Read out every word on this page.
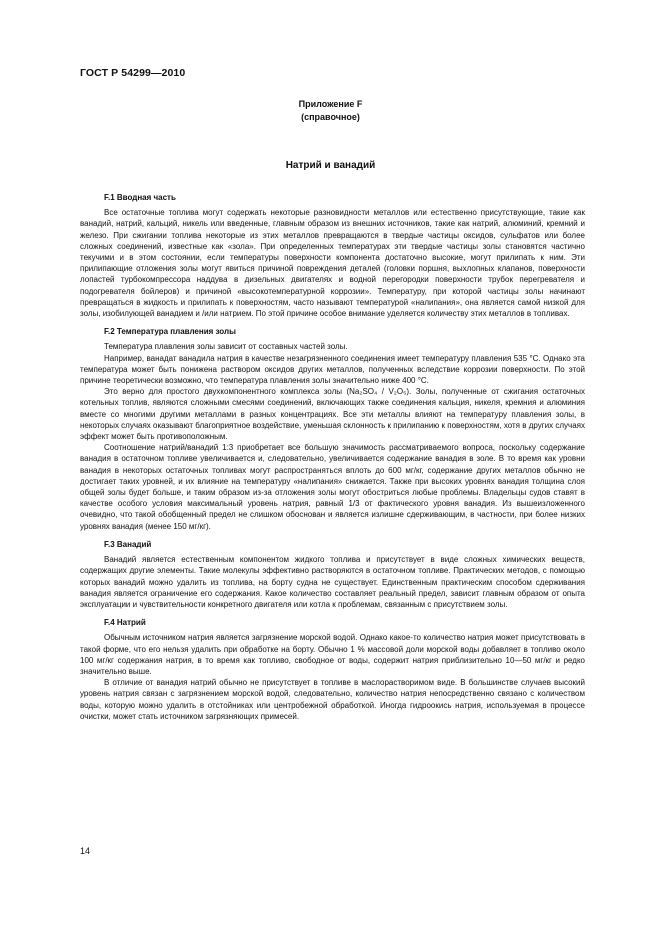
ГОСТ Р 54299—2010
Приложение F
(справочное)
Натрий и ванадий
F.1 Вводная часть

Все остаточные топлива могут содержать некоторые разновидности металлов или естественно присутствующие, такие как ванадий, натрий, кальций, никель или введенные, главным образом из внешних источников, такие как натрий, алюминий, кремний и железо. При сжигании топлива некоторые из этих металлов превращаются в твердые частицы оксидов, сульфатов или более сложных соединений, известные как «зола». При определенных температурах эти твердые частицы золы становятся частично текучими и в этом состоянии, если температуры поверхности компонента достаточно высокие, могут прилипать к ним. Эти прилипающие отложения золы могут явиться причиной повреждения деталей (головки поршня, выхлопных клапанов, поверхности лопастей турбокомпрессора наддува в дизельных двигателях и водной перегородки поверхности трубок перегревателя и подогревателя бойлеров) и причиной «высокотемпературной коррозии». Температуру, при которой частицы золы начинают превращаться в жидкость и прилипать к поверхностям, часто называют температурой «налипания», она является самой низкой для золы, изобилующей ванадием и /или натрием. По этой причине особое внимание уделяется количеству этих металлов в топливах.

F.2 Температура плавления золы

Температура плавления золы зависит от составных частей золы.

Например, ванадат ванадила натрия в качестве незагрязненного соединения имеет температуру плавления 535 °С. Однако эта температура может быть понижена раствором оксидов других металлов, полученных вследствие коррозии поверхности. По этой причине теоретически возможно, что температура плавления золы значительно ниже 400 °С.

Это верно для простого двухкомпонентного комплекса золы (Na₂SO₄ / V₂O₅). Золы, полученные от сжигания остаточных котельных топлив, являются сложными смесями соединений, включающих также соединения кальция, никеля, кремния и алюминия вместе со многими другими металлами в разных концентрациях. Все эти металлы влияют на температуру плавления золы, в некоторых случаях оказывают благоприятное воздействие, уменьшая склонность к прилипанию к поверхностям, хотя в других случаях эффект может быть противоположным.

Соотношение натрий/ванадий 1:3 приобретает все большую значимость рассматриваемого вопроса, поскольку содержание ванадия в остаточном топливе увеличивается и, следовательно, увеличивается содержание ванадия в золе. В то время как уровни ванадия в некоторых остаточных топливах могут распространяться вплоть до 600 мг/кг, содержание других металлов обычно не достигает таких уровней, и их влияние на температуру «налипания» снижается. Также при высоких уровнях ванадия толщина слоя общей золы будет больше, и таким образом из-за отложения золы могут обостриться любые проблемы. Владельцы судов ставят в качестве особого условия максимальный уровень натрия, равный 1/3 от фактического уровня ванадия. Из вышеизложенного очевидно, что такой обобщенный предел не слишком обоснован и является излишне сдерживающим, в частности, при более низких уровнях ванадия (менее 150 мг/кг).

F.3 Ванадий

Ванадий является естественным компонентом жидкого топлива и присутствует в виде сложных химических веществ, содержащих другие элементы. Такие молекулы эффективно растворяются в остаточном топливе. Практических методов, с помощью которых ванадий можно удалить из топлива, на борту судна не существует. Единственным практическим способом сдерживания ванадия является ограничение его содержания. Какое количество составляет реальный предел, зависит главным образом от опыта эксплуатации и чувствительности конкретного двигателя или котла к проблемам, связанным с присутствием золы.

F.4 Натрий

Обычным источником натрия является загрязнение морской водой. Однако какое-то количество натрия может присутствовать в такой форме, что его нельзя удалить при обработке на борту. Обычно 1 % массовой доли морской воды добавляет в топливо около 100 мг/кг содержания натрия, в то время как топливо, свободное от воды, содержит натрия приблизительно 10—50 мг/кг и редко значительно выше.

В отличие от ванадия натрий обычно не присутствует в топливе в маслорастворимом виде. В большинстве случаев высокий уровень натрия связан с загрязнением морской водой, следовательно, количество натрия непосредственно связано с количеством воды, которую можно удалить в отстойниках или центробежной обработкой. Иногда гидроокись натрия, используемая в процессе очистки, может стать источником загрязняющих примесей.

14
